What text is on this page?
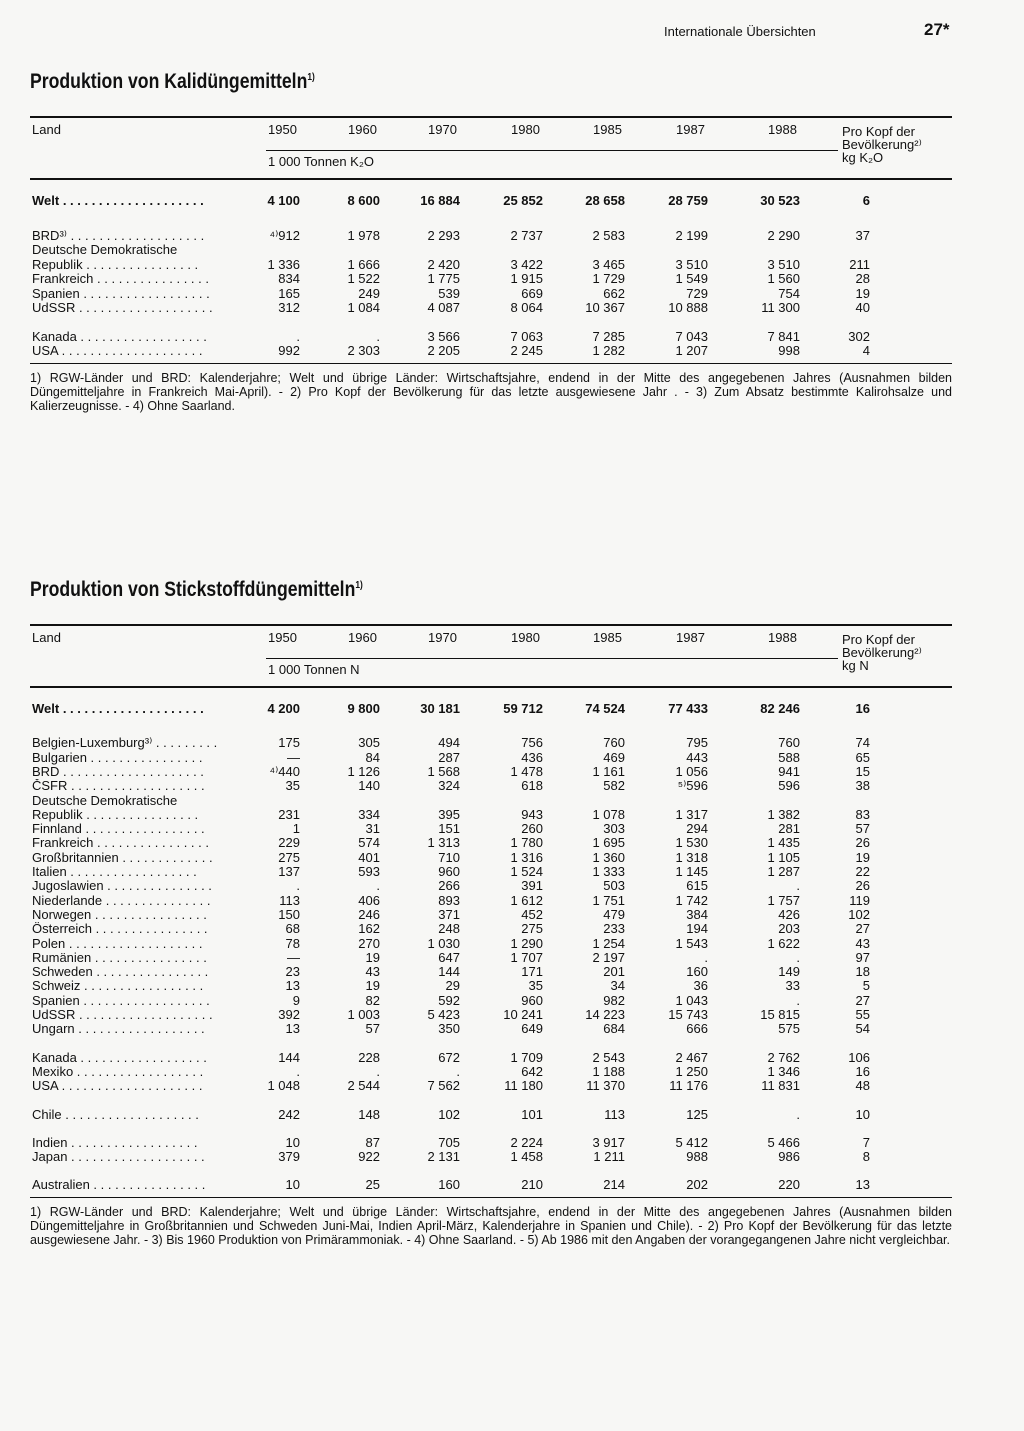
Internationale Übersichten	27*
Produktion von Kalidüngemitteln$^{1)}$
Land	1950	1960	1970	1980	1985	1987	1988
1 000 Tonnen K₂O
Pro Kopf der
Bevölkerung²⁾
kg K₂O
Welt . . . . . . . . . . . . . . . . . . . .	4 100	8 600	16 884	25 852	28 658	28 759	30 523	6
BRD³⁾ . . . . . . . . . . . . . . . . . . .	⁴⁾912	1 978	2 293	2 737	2 583	2 199	2 290	37
Deutsche Demokratische
Republik . . . . . . . . . . . . . . . .	1 336	1 666	2 420	3 422	3 465	3 510	3 510	211
Frankreich . . . . . . . . . . . . . . . .	834	1 522	1 775	1 915	1 729	1 549	1 560	28
Spanien . . . . . . . . . . . . . . . . . .	165	249	539	669	662	729	754	19
UdSSR . . . . . . . . . . . . . . . . . . .	312	1 084	4 087	8 064	10 367	10 888	11 300	40
Kanada . . . . . . . . . . . . . . . . . .	.	.	3 566	7 063	7 285	7 043	7 841	302
USA . . . . . . . . . . . . . . . . . . . .	992	2 303	2 205	2 245	1 282	1 207	998	4
1) RGW-Länder und BRD: Kalenderjahre; Welt und übrige Länder: Wirtschaftsjahre, endend in der Mitte des angegebenen Jahres (Ausnahmen bilden Düngemitteljahre in Frankreich Mai-April). - 2) Pro Kopf der Bevölkerung für das letzte ausgewiesene Jahr . - 3) Zum Absatz bestimmte Kalirohsalze und Kalierzeugnisse. - 4) Ohne Saarland.
Produktion von Stickstoffdüngemitteln$^{1)}$
Land	1950	1960	1970	1980	1985	1987	1988
1 000 Tonnen N
Pro Kopf der
Bevölkerung²⁾
kg N
Welt . . . . . . . . . . . . . . . . . . . .	4 200	9 800	30 181	59 712	74 524	77 433	82 246	16
Belgien-Luxemburg³⁾ . . . . . . . . .	175	305	494	756	760	795	760	74
Bulgarien . . . . . . . . . . . . . . . .	—	84	287	436	469	443	588	65
BRD . . . . . . . . . . . . . . . . . . . .	⁴⁾440	1 126	1 568	1 478	1 161	1 056	941	15
ČSFR . . . . . . . . . . . . . . . . . . .	35	140	324	618	582	⁵⁾596	596	38
Deutsche Demokratische
Republik . . . . . . . . . . . . . . . .	231	334	395	943	1 078	1 317	1 382	83
Finnland . . . . . . . . . . . . . . . . .	1	31	151	260	303	294	281	57
Frankreich . . . . . . . . . . . . . . . .	229	574	1 313	1 780	1 695	1 530	1 435	26
Großbritannien . . . . . . . . . . . . .	275	401	710	1 316	1 360	1 318	1 105	19
Italien . . . . . . . . . . . . . . . . . .	137	593	960	1 524	1 333	1 145	1 287	22
Jugoslawien . . . . . . . . . . . . . . .	.	.	266	391	503	615	.	26
Niederlande . . . . . . . . . . . . . . .	113	406	893	1 612	1 751	1 742	1 757	119
Norwegen . . . . . . . . . . . . . . . .	150	246	371	452	479	384	426	102
Österreich . . . . . . . . . . . . . . . .	68	162	248	275	233	194	203	27
Polen . . . . . . . . . . . . . . . . . . .	78	270	1 030	1 290	1 254	1 543	1 622	43
Rumänien . . . . . . . . . . . . . . . .	—	19	647	1 707	2 197	.	.	97
Schweden . . . . . . . . . . . . . . . .	23	43	144	171	201	160	149	18
Schweiz . . . . . . . . . . . . . . . . .	13	19	29	35	34	36	33	5
Spanien . . . . . . . . . . . . . . . . . .	9	82	592	960	982	1 043	.	27
UdSSR . . . . . . . . . . . . . . . . . . .	392	1 003	5 423	10 241	14 223	15 743	15 815	55
Ungarn . . . . . . . . . . . . . . . . . .	13	57	350	649	684	666	575	54
Kanada . . . . . . . . . . . . . . . . . .	144	228	672	1 709	2 543	2 467	2 762	106
Mexiko . . . . . . . . . . . . . . . . . .	.	.	.	642	1 188	1 250	1 346	16
USA . . . . . . . . . . . . . . . . . . . .	1 048	2 544	7 562	11 180	11 370	11 176	11 831	48
Chile . . . . . . . . . . . . . . . . . . .	242	148	102	101	113	125	.	10
Indien . . . . . . . . . . . . . . . . . .	10	87	705	2 224	3 917	5 412	5 466	7
Japan . . . . . . . . . . . . . . . . . . .	379	922	2 131	1 458	1 211	988	986	8
Australien . . . . . . . . . . . . . . . .	10	25	160	210	214	202	220	13
1) RGW-Länder und BRD: Kalenderjahre; Welt und übrige Länder: Wirtschaftsjahre, endend in der Mitte des angegebenen Jahres (Ausnahmen bilden Düngemitteljahre in Großbritannien und Schweden Juni-Mai, Indien April-März, Kalenderjahre in Spanien und Chile). - 2) Pro Kopf der Bevölkerung für das letzte ausgewiesene Jahr. - 3) Bis 1960 Produktion von Primärammoniak. - 4) Ohne Saarland. - 5) Ab 1986 mit den Angaben der vorangegangenen Jahre nicht vergleichbar.
